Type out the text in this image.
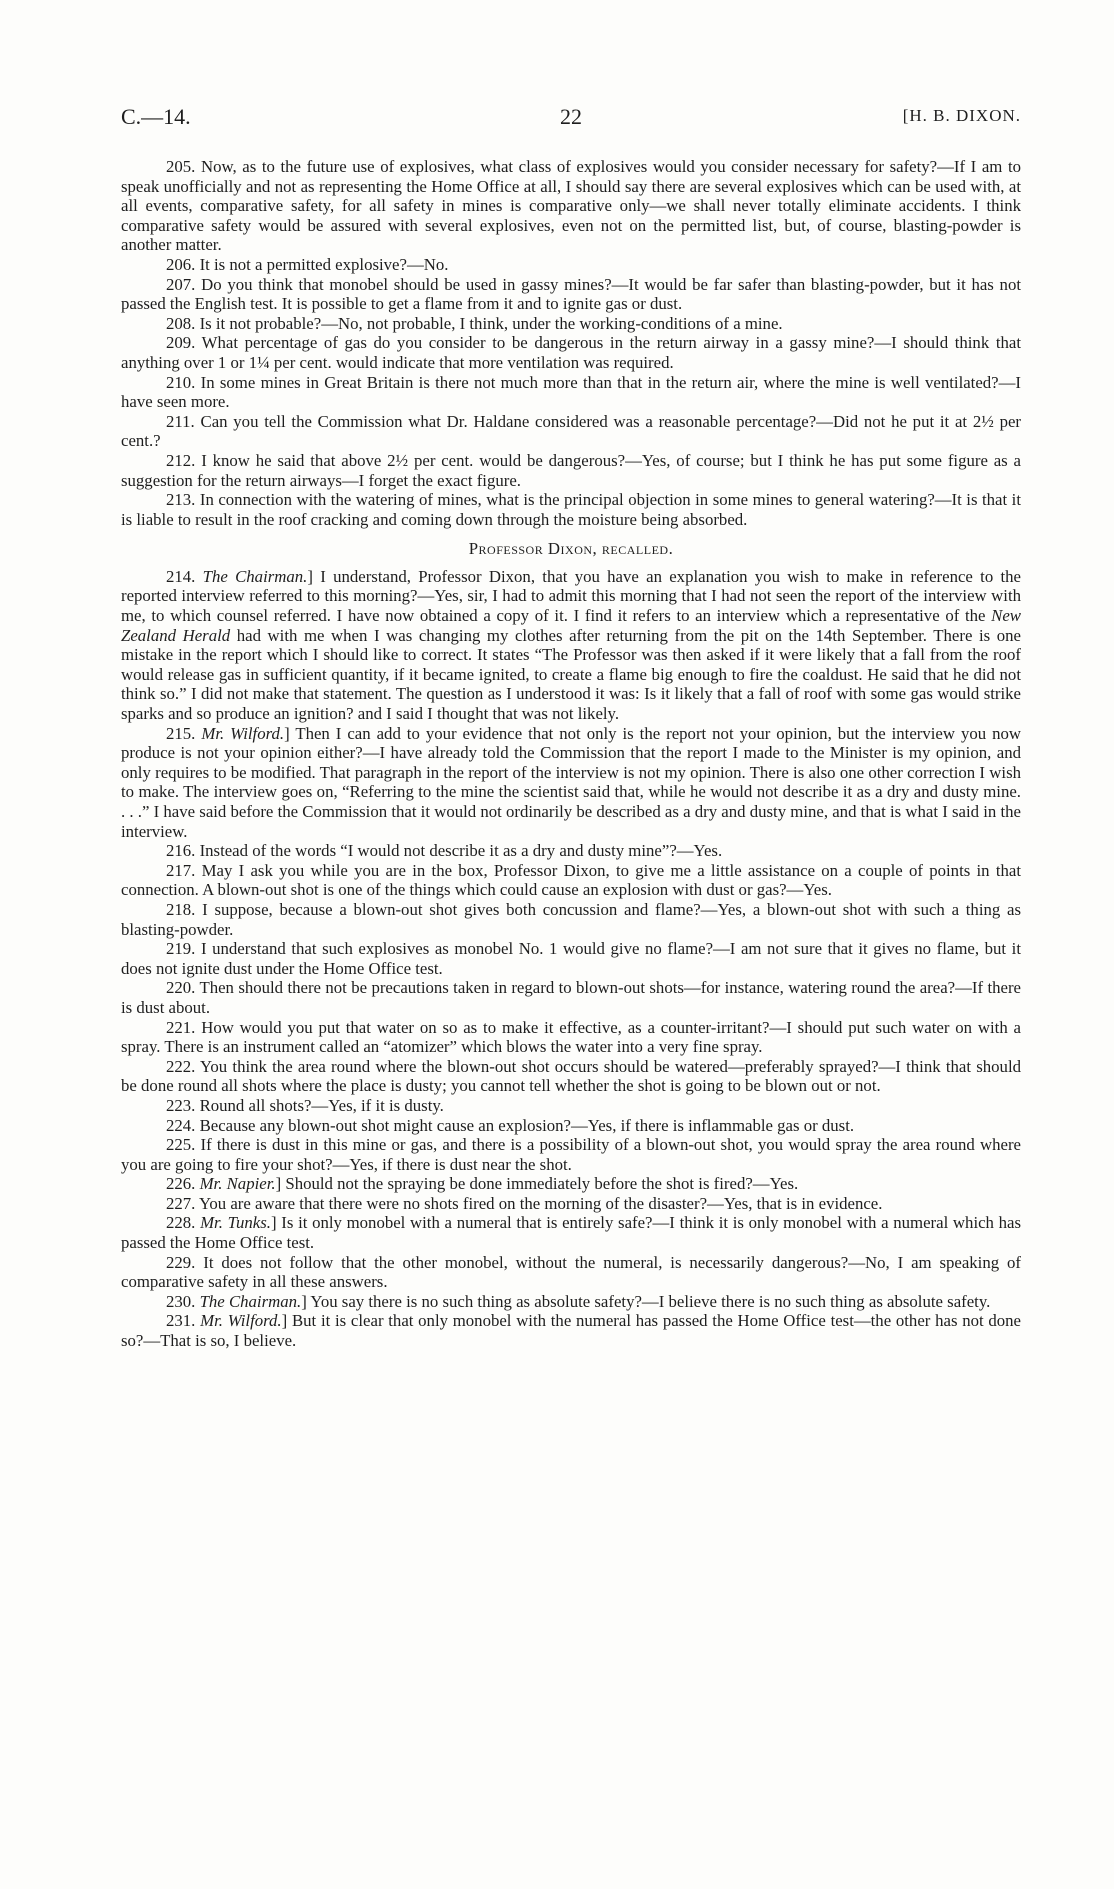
C.—14.	22	[H. B. DIXON.

205. Now, as to the future use of explosives, what class of explosives would you consider necessary for safety?—If I am to speak unofficially and not as representing the Home Office at all, I should say there are several explosives which can be used with, at all events, comparative safety, for all safety in mines is comparative only—we shall never totally eliminate accidents. I think comparative safety would be assured with several explosives, even not on the permitted list, but, of course, blasting-powder is another matter.

206. It is not a permitted explosive?—No.

207. Do you think that monobel should be used in gassy mines?—It would be far safer than blasting-powder, but it has not passed the English test. It is possible to get a flame from it and to ignite gas or dust.

208. Is it not probable?—No, not probable, I think, under the working-conditions of a mine.

209. What percentage of gas do you consider to be dangerous in the return airway in a gassy mine?—I should think that anything over 1 or 1¼ per cent. would indicate that more ventilation was required.

210. In some mines in Great Britain is there not much more than that in the return air, where the mine is well ventilated?—I have seen more.

211. Can you tell the Commission what Dr. Haldane considered was a reasonable percentage?—Did not he put it at 2½ per cent.?

212. I know he said that above 2½ per cent. would be dangerous?—Yes, of course; but I think he has put some figure as a suggestion for the return airways—I forget the exact figure.

213. In connection with the watering of mines, what is the principal objection in some mines to general watering?—It is that it is liable to result in the roof cracking and coming down through the moisture being absorbed.

Professor Dixon, recalled.

214. The Chairman.] I understand, Professor Dixon, that you have an explanation you wish to make in reference to the reported interview referred to this morning?—Yes, sir, I had to admit this morning that I had not seen the report of the interview with me, to which counsel referred. I have now obtained a copy of it. I find it refers to an interview which a representative of the New Zealand Herald had with me when I was changing my clothes after returning from the pit on the 14th September. There is one mistake in the report which I should like to correct. It states “The Professor was then asked if it were likely that a fall from the roof would release gas in sufficient quantity, if it became ignited, to create a flame big enough to fire the coaldust. He said that he did not think so.” I did not make that statement. The question as I understood it was: Is it likely that a fall of roof with some gas would strike sparks and so produce an ignition? and I said I thought that was not likely.

215. Mr. Wilford.] Then I can add to your evidence that not only is the report not your opinion, but the interview you now produce is not your opinion either?—I have already told the Commission that the report I made to the Minister is my opinion, and only requires to be modified. That paragraph in the report of the interview is not my opinion. There is also one other correction I wish to make. The interview goes on, “Referring to the mine the scientist said that, while he would not describe it as a dry and dusty mine. . . .” I have said before the Commission that it would not ordinarily be described as a dry and dusty mine, and that is what I said in the interview.

216. Instead of the words “I would not describe it as a dry and dusty mine”?—Yes.

217. May I ask you while you are in the box, Professor Dixon, to give me a little assistance on a couple of points in that connection. A blown-out shot is one of the things which could cause an explosion with dust or gas?—Yes.

218. I suppose, because a blown-out shot gives both concussion and flame?—Yes, a blown-out shot with such a thing as blasting-powder.

219. I understand that such explosives as monobel No. 1 would give no flame?—I am not sure that it gives no flame, but it does not ignite dust under the Home Office test.

220. Then should there not be precautions taken in regard to blown-out shots—for instance, watering round the area?—If there is dust about.

221. How would you put that water on so as to make it effective, as a counter-irritant?—I should put such water on with a spray. There is an instrument called an “atomizer” which blows the water into a very fine spray.

222. You think the area round where the blown-out shot occurs should be watered—preferably sprayed?—I think that should be done round all shots where the place is dusty; you cannot tell whether the shot is going to be blown out or not.

223. Round all shots?—Yes, if it is dusty.

224. Because any blown-out shot might cause an explosion?—Yes, if there is inflammable gas or dust.

225. If there is dust in this mine or gas, and there is a possibility of a blown-out shot, you would spray the area round where you are going to fire your shot?—Yes, if there is dust near the shot.

226. Mr. Napier.] Should not the spraying be done immediately before the shot is fired?—Yes.

227. You are aware that there were no shots fired on the morning of the disaster?—Yes, that is in evidence.

228. Mr. Tunks.] Is it only monobel with a numeral that is entirely safe?—I think it is only monobel with a numeral which has passed the Home Office test.

229. It does not follow that the other monobel, without the numeral, is necessarily dangerous?—No, I am speaking of comparative safety in all these answers.

230. The Chairman.] You say there is no such thing as absolute safety?—I believe there is no such thing as absolute safety.

231. Mr. Wilford.] But it is clear that only monobel with the numeral has passed the Home Office test—the other has not done so?—That is so, I believe.
